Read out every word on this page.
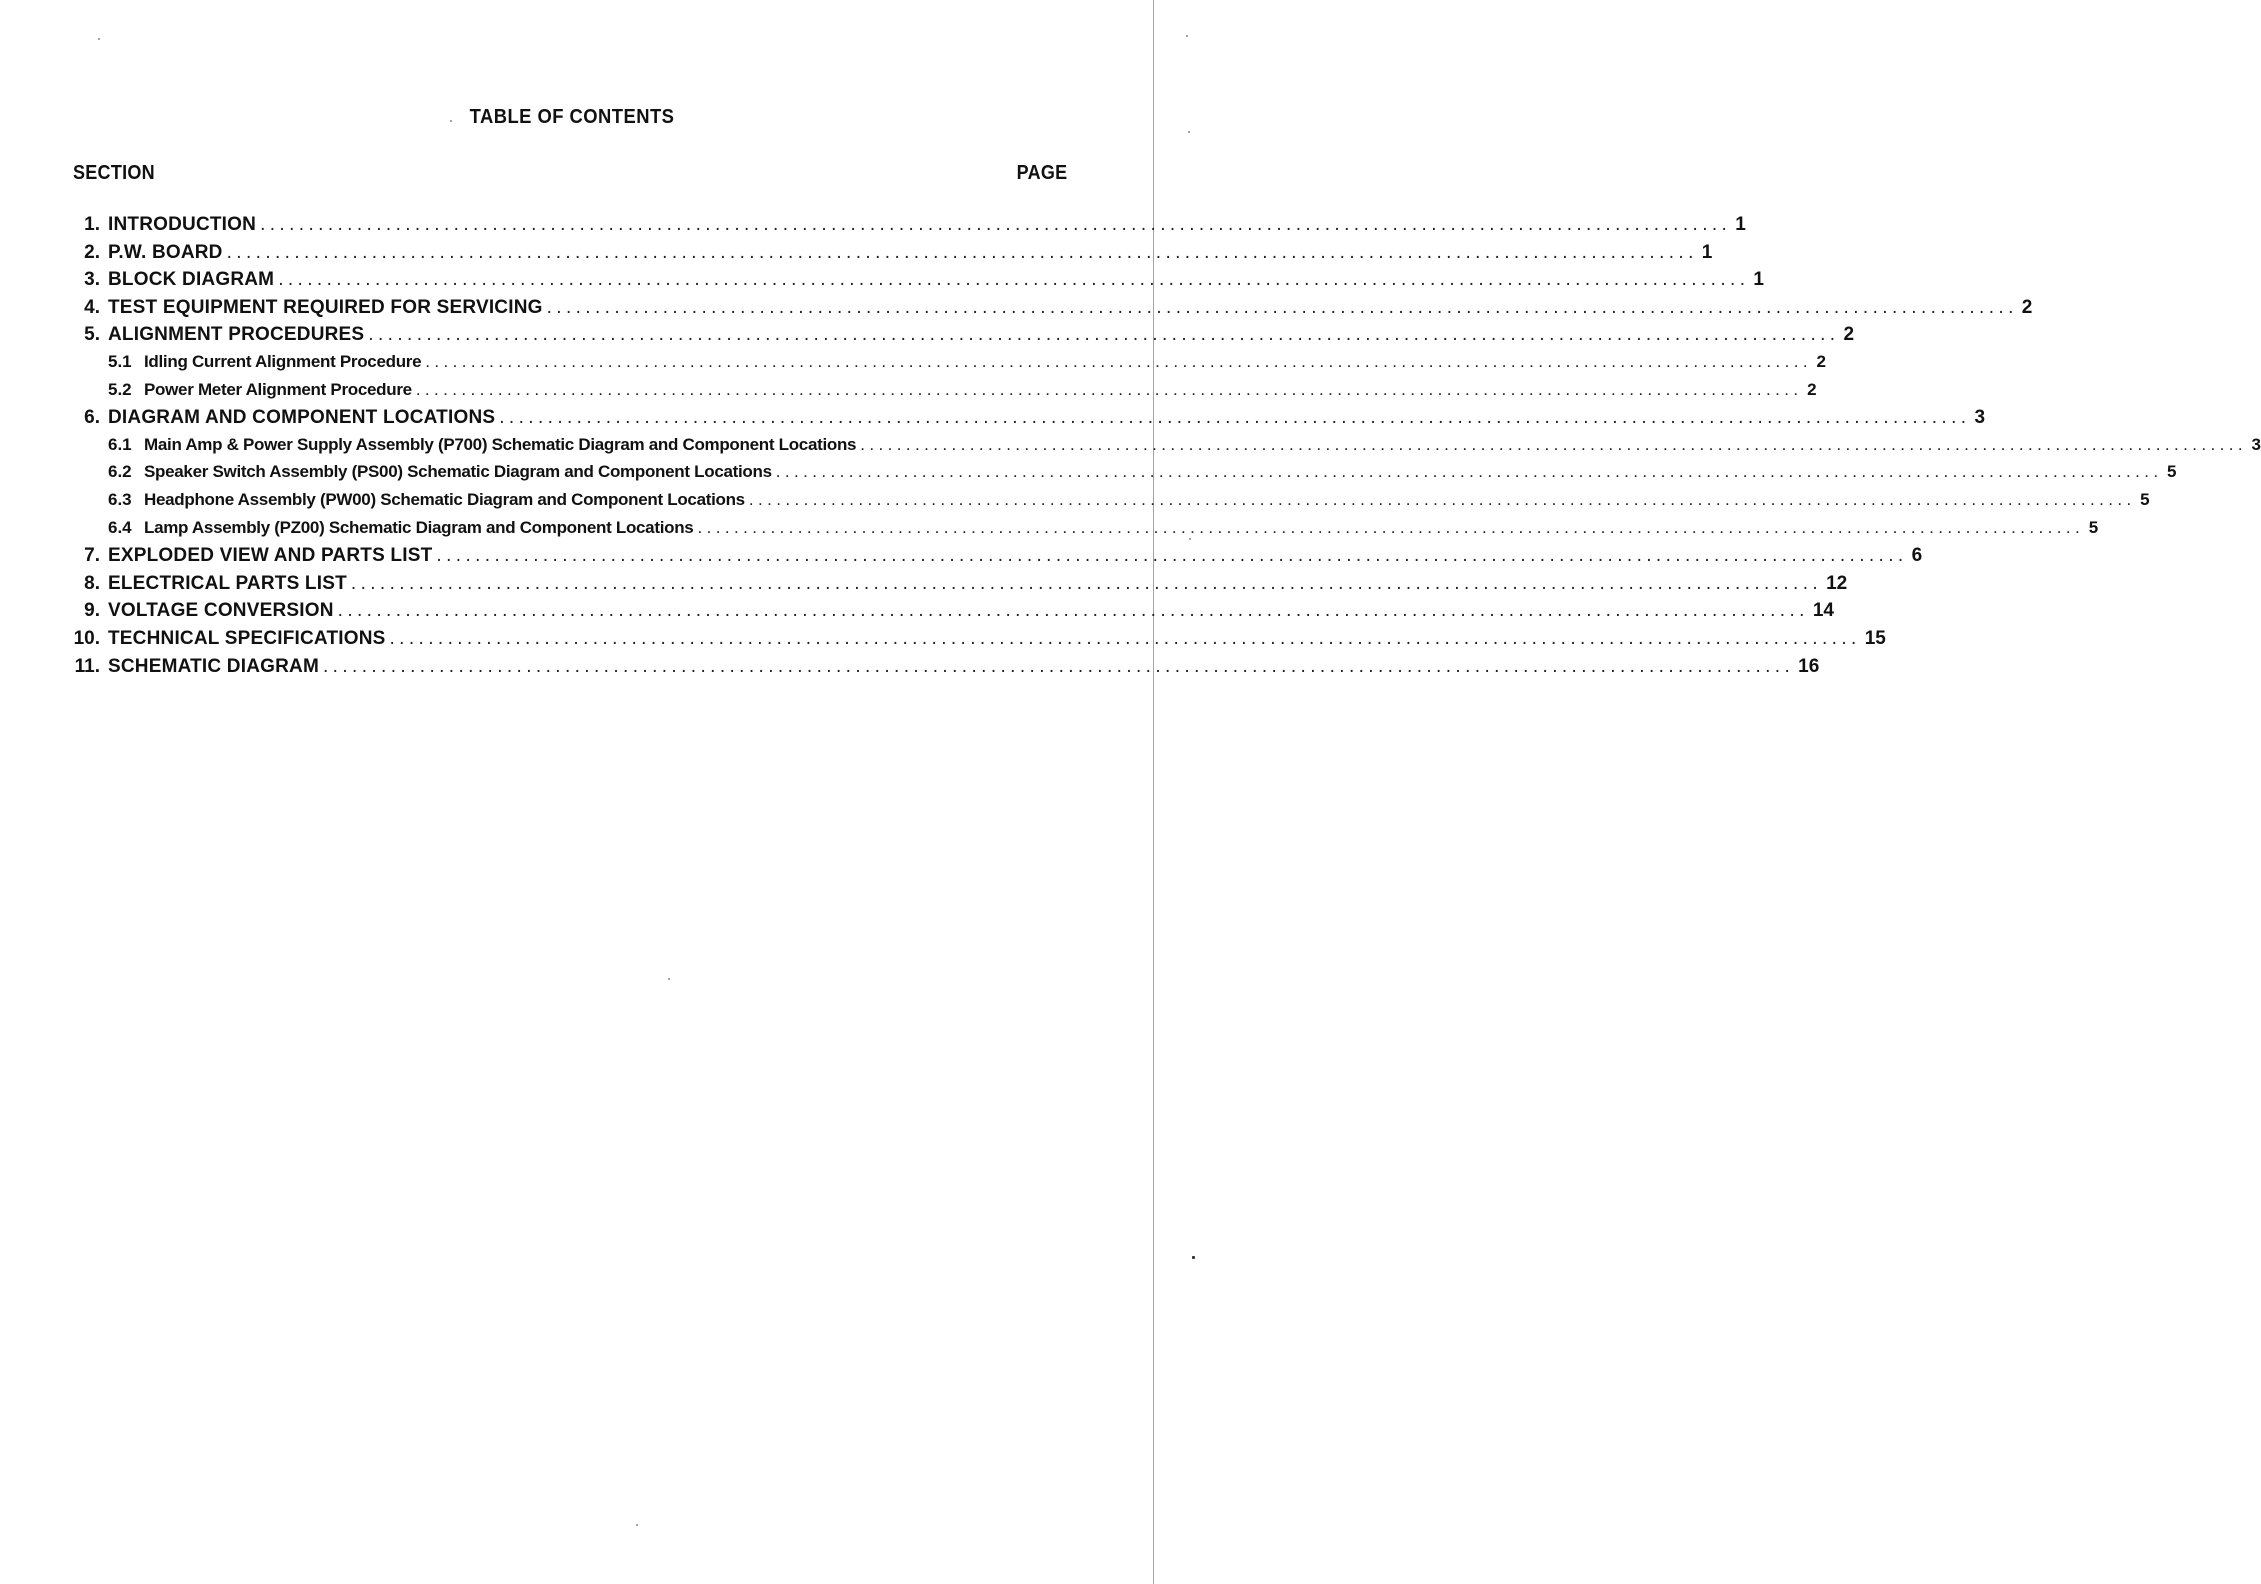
TABLE OF CONTENTS
SECTION	PAGE
1. INTRODUCTION ........................................................................................................................................................ 1
2. P.W. BOARD ........................................................................................................................................................ 1
3. BLOCK DIAGRAM ........................................................................................................................................................ 1
4. TEST EQUIPMENT REQUIRED FOR SERVICING ........................................................................................................................................................ 2
5. ALIGNMENT PROCEDURES ........................................................................................................................................................ 2
5.1 Idling Current Alignment Procedure ........................................................................................................................................................ 2
5.2 Power Meter Alignment Procedure ........................................................................................................................................................ 2
6. DIAGRAM AND COMPONENT LOCATIONS ........................................................................................................................................................ 3
6.1 Main Amp & Power Supply Assembly (P700) Schematic Diagram and Component Locations ........................................................................................................................................................ 3
6.2 Speaker Switch Assembly (PS00) Schematic Diagram and Component Locations ........................................................................................................................................................ 5
6.3 Headphone Assembly (PW00) Schematic Diagram and Component Locations ........................................................................................................................................................ 5
6.4 Lamp Assembly (PZ00) Schematic Diagram and Component Locations ........................................................................................................................................................ 5
7. EXPLODED VIEW AND PARTS LIST ........................................................................................................................................................ 6
8. ELECTRICAL PARTS LIST ........................................................................................................................................................ 12
9. VOLTAGE CONVERSION ........................................................................................................................................................ 14
10. TECHNICAL SPECIFICATIONS ........................................................................................................................................................ 15
11. SCHEMATIC DIAGRAM ........................................................................................................................................................ 16
